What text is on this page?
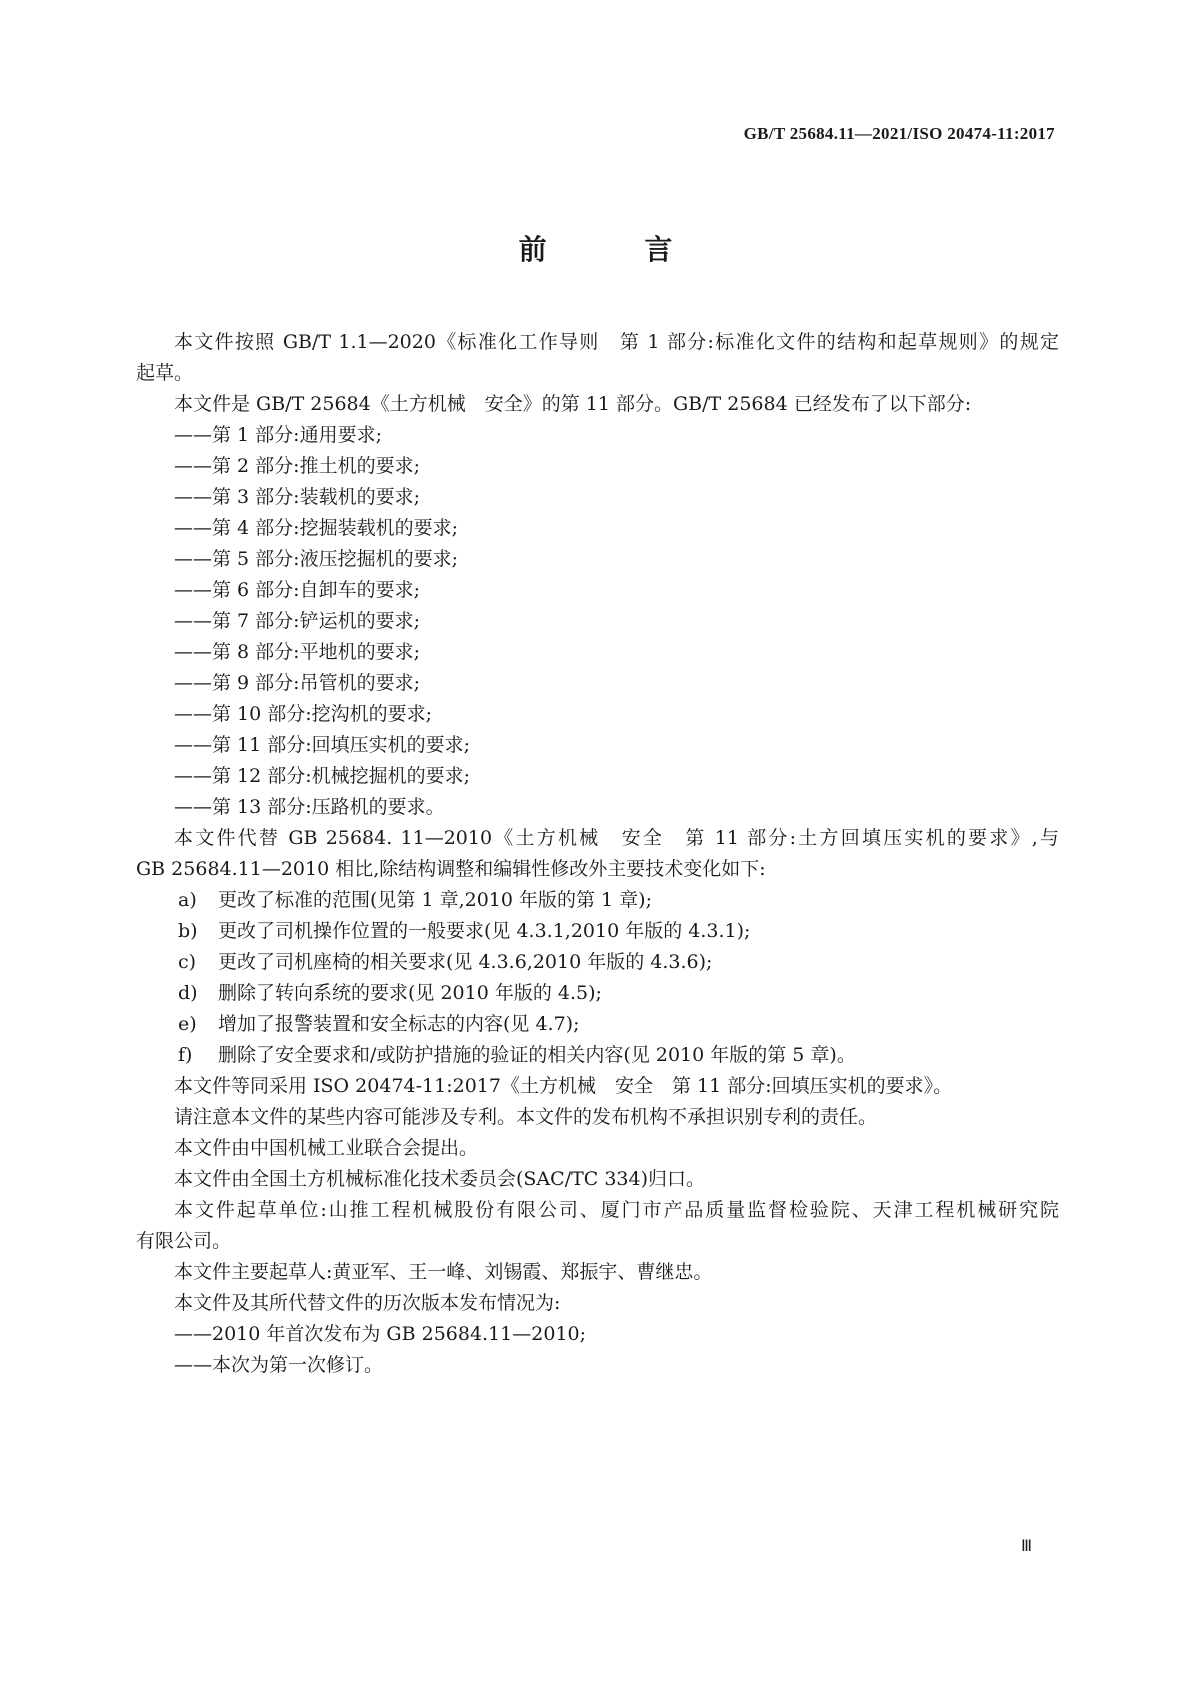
GB/T 25684.11—2021/ISO 20474-11:2017
前 言
本文件按照 GB/T 1.1—2020《标准化工作导则　第 1 部分:标准化文件的结构和起草规则》的规定
起草。
本文件是 GB/T 25684《土方机械　安全》的第 11 部分。GB/T 25684 已经发布了以下部分:
——第 1 部分:通用要求;
——第 2 部分:推土机的要求;
——第 3 部分:装载机的要求;
——第 4 部分:挖掘装载机的要求;
——第 5 部分:液压挖掘机的要求;
——第 6 部分:自卸车的要求;
——第 7 部分:铲运机的要求;
——第 8 部分:平地机的要求;
——第 9 部分:吊管机的要求;
——第 10 部分:挖沟机的要求;
——第 11 部分:回填压实机的要求;
——第 12 部分:机械挖掘机的要求;
——第 13 部分:压路机的要求。
本文件代替 GB 25684. 11—2010《土方机械　安全　第 11 部分:土方回填压实机的要求》,与
GB 25684.11—2010 相比,除结构调整和编辑性修改外主要技术变化如下:
a) 更改了标准的范围(见第 1 章,2010 年版的第 1 章);
b) 更改了司机操作位置的一般要求(见 4.3.1,2010 年版的 4.3.1);
c) 更改了司机座椅的相关要求(见 4.3.6,2010 年版的 4.3.6);
d) 删除了转向系统的要求(见 2010 年版的 4.5);
e) 增加了报警装置和安全标志的内容(见 4.7);
f) 删除了安全要求和/或防护措施的验证的相关内容(见 2010 年版的第 5 章)。
本文件等同采用 ISO 20474-11:2017《土方机械　安全　第 11 部分:回填压实机的要求》。
请注意本文件的某些内容可能涉及专利。本文件的发布机构不承担识别专利的责任。
本文件由中国机械工业联合会提出。
本文件由全国土方机械标准化技术委员会(SAC/TC 334)归口。
本文件起草单位:山推工程机械股份有限公司、厦门市产品质量监督检验院、天津工程机械研究院
有限公司。
本文件主要起草人:黄亚军、王一峰、刘锡霞、郑振宇、曹继忠。
本文件及其所代替文件的历次版本发布情况为:
——2010 年首次发布为 GB 25684.11—2010;
——本次为第一次修订。
Ⅲ
